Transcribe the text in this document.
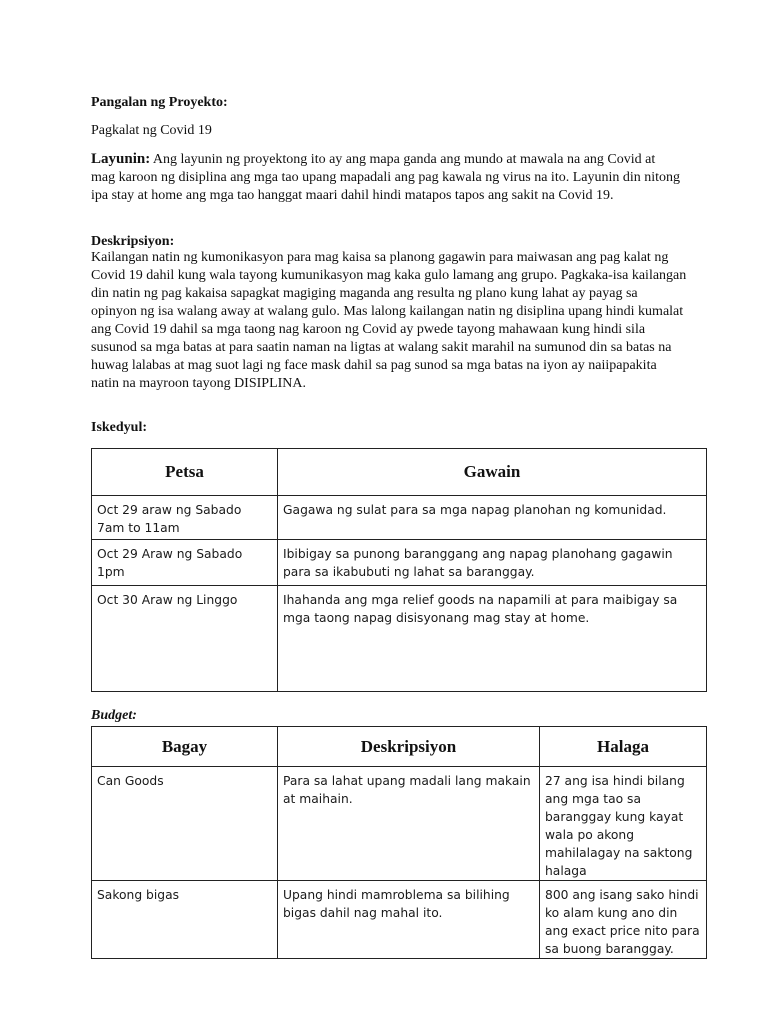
Pangalan ng Proyekto:

Pagkalat ng Covid 19

Layunin: Ang layunin ng proyektong ito ay ang mapa ganda ang mundo at mawala na ang Covid at
mag karoon ng disiplina ang mga tao upang mapadali ang pag kawala ng virus na ito. Layunin din nitong
ipa stay at home ang mga tao hanggat maari dahil hindi matapos tapos ang sakit na Covid 19.

Deskripsiyon:

Kailangan natin ng kumonikasyon para mag kaisa sa planong gagawin para maiwasan ang pag kalat ng
Covid 19 dahil kung wala tayong kumunikasyon mag kaka gulo lamang ang grupo. Pagkaka-isa kailangan
din natin ng pag kakaisa sapagkat magiging maganda ang resulta ng plano kung lahat ay payag sa
opinyon ng isa walang away at walang gulo. Mas lalong kailangan natin ng disiplina upang hindi kumalat
ang Covid 19 dahil sa mga taong nag karoon ng Covid ay pwede tayong mahawaan kung hindi sila
susunod sa mga batas at para saatin naman na ligtas at walang sakit marahil na sumunod din sa batas na
huwag lalabas at mag suot lagi ng face mask dahil sa pag sunod sa mga batas na iyon ay naiipapakita
natin na mayroon tayong DISIPLINA.

Iskedyul:
Petsa	Gawain
Oct 29 araw ng Sabado 7am to 11am	Gagawa ng sulat para sa mga napag planohan ng komunidad.
Oct 29 Araw ng Sabado 1pm	Ibibigay sa punong baranggang ang napag planohang gagawin para sa ikabubuti ng lahat sa baranggay.
Oct 30 Araw ng Linggo	Ihahanda ang mga relief goods na napamili at para maibigay sa mga taong napag disisyonang mag stay at home.
Budget:
Bagay	Deskripsiyon	Halaga
Can Goods	Para sa lahat upang madali lang makain at maihain.	27 ang isa hindi bilang ang mga tao sa baranggay kung kayat wala po akong mahilalagay na saktong halaga
Sakong bigas	Upang hindi mamroblema sa bilihing bigas dahil nag mahal ito.	800 ang isang sako hindi ko alam kung ano din ang exact price nito para sa buong baranggay.
